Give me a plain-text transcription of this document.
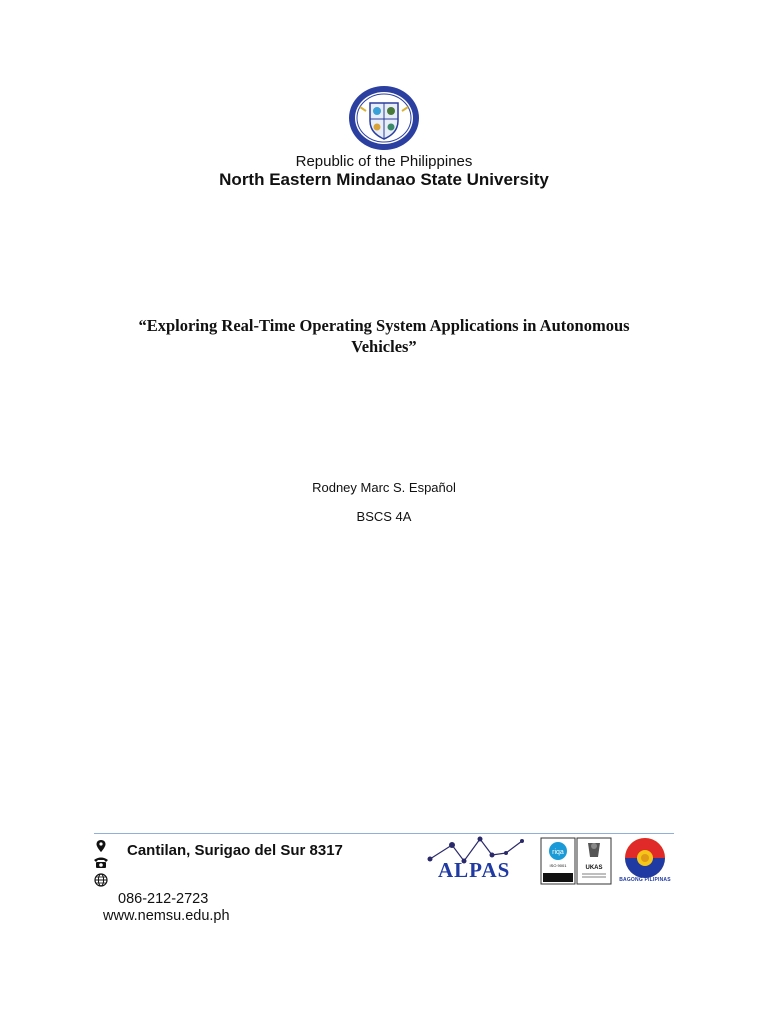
Republic of the Philippines
North Eastern Mindanao State University
“Exploring Real-Time Operating System Applications in Autonomous Vehicles”
Rodney Marc S. Español
BSCS 4A
Cantilan, Surigao del Sur 8317
086-212-2723
www.nemsu.edu.ph
ALPAS
riqa
ISO 9001	UKAS
BAGONG PILIPINAS
